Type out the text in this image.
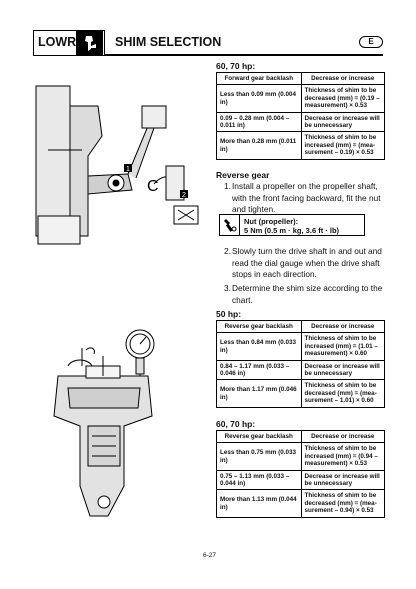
LOWR	SHIM SELECTION	E
C
1
2
60, 70 hp:
Forward gear backlash	Decrease or increase
Less than 0.09 mm (0.004 in)	Thickness of shim to be decreased (mm) = (0.19 – measurement) × 0.53
0.09 – 0.28 mm (0.004 – 0.011 in)	Decrease or increase will be unnecessary
More than 0.28 mm (0.011 in)	Thickness of shim to be increased (mm) = (mea-surement – 0.19) × 0.53
Reverse gear
1. Install a propeller on the propeller shaft, with the front facing backward, fit the nut and tighten.
Nut (propeller):
5 Nm (0.5 m · kg, 3.6 ft · lb)
2. Slowly turn the drive shaft in and out and read the dial gauge when the drive shaft stops in each direction.
3. Determine the shim size according to the chart.
50 hp:
Reverse gear backlash	Decrease or increase
Less than 0.84 mm (0.033 in)	Thickness of shim to be increased (mm) = (1.01 – measurement) × 0.60
0.84 – 1.17 mm (0.033 – 0.046 in)	Decrease or increase will be unnecessary
More than 1.17 mm (0.046 in)	Thickness of shim to be decreased (mm) = (mea-surement – 1.01) × 0.60
60, 70 hp:
Reverse gear backlash	Decrease or increase
Less than 0.75 mm (0.033 in)	Thickness of shim to be increased (mm) = (0.94 – measurement) × 0.53
0.75 – 1.13 mm (0.033 – 0.044 in)	Decrease or increase will be unnecessary
More than 1.13 mm (0.044 in)	Thickness of shim to be decreased (mm) = (mea-surement – 0.94) × 0.53
6-27
